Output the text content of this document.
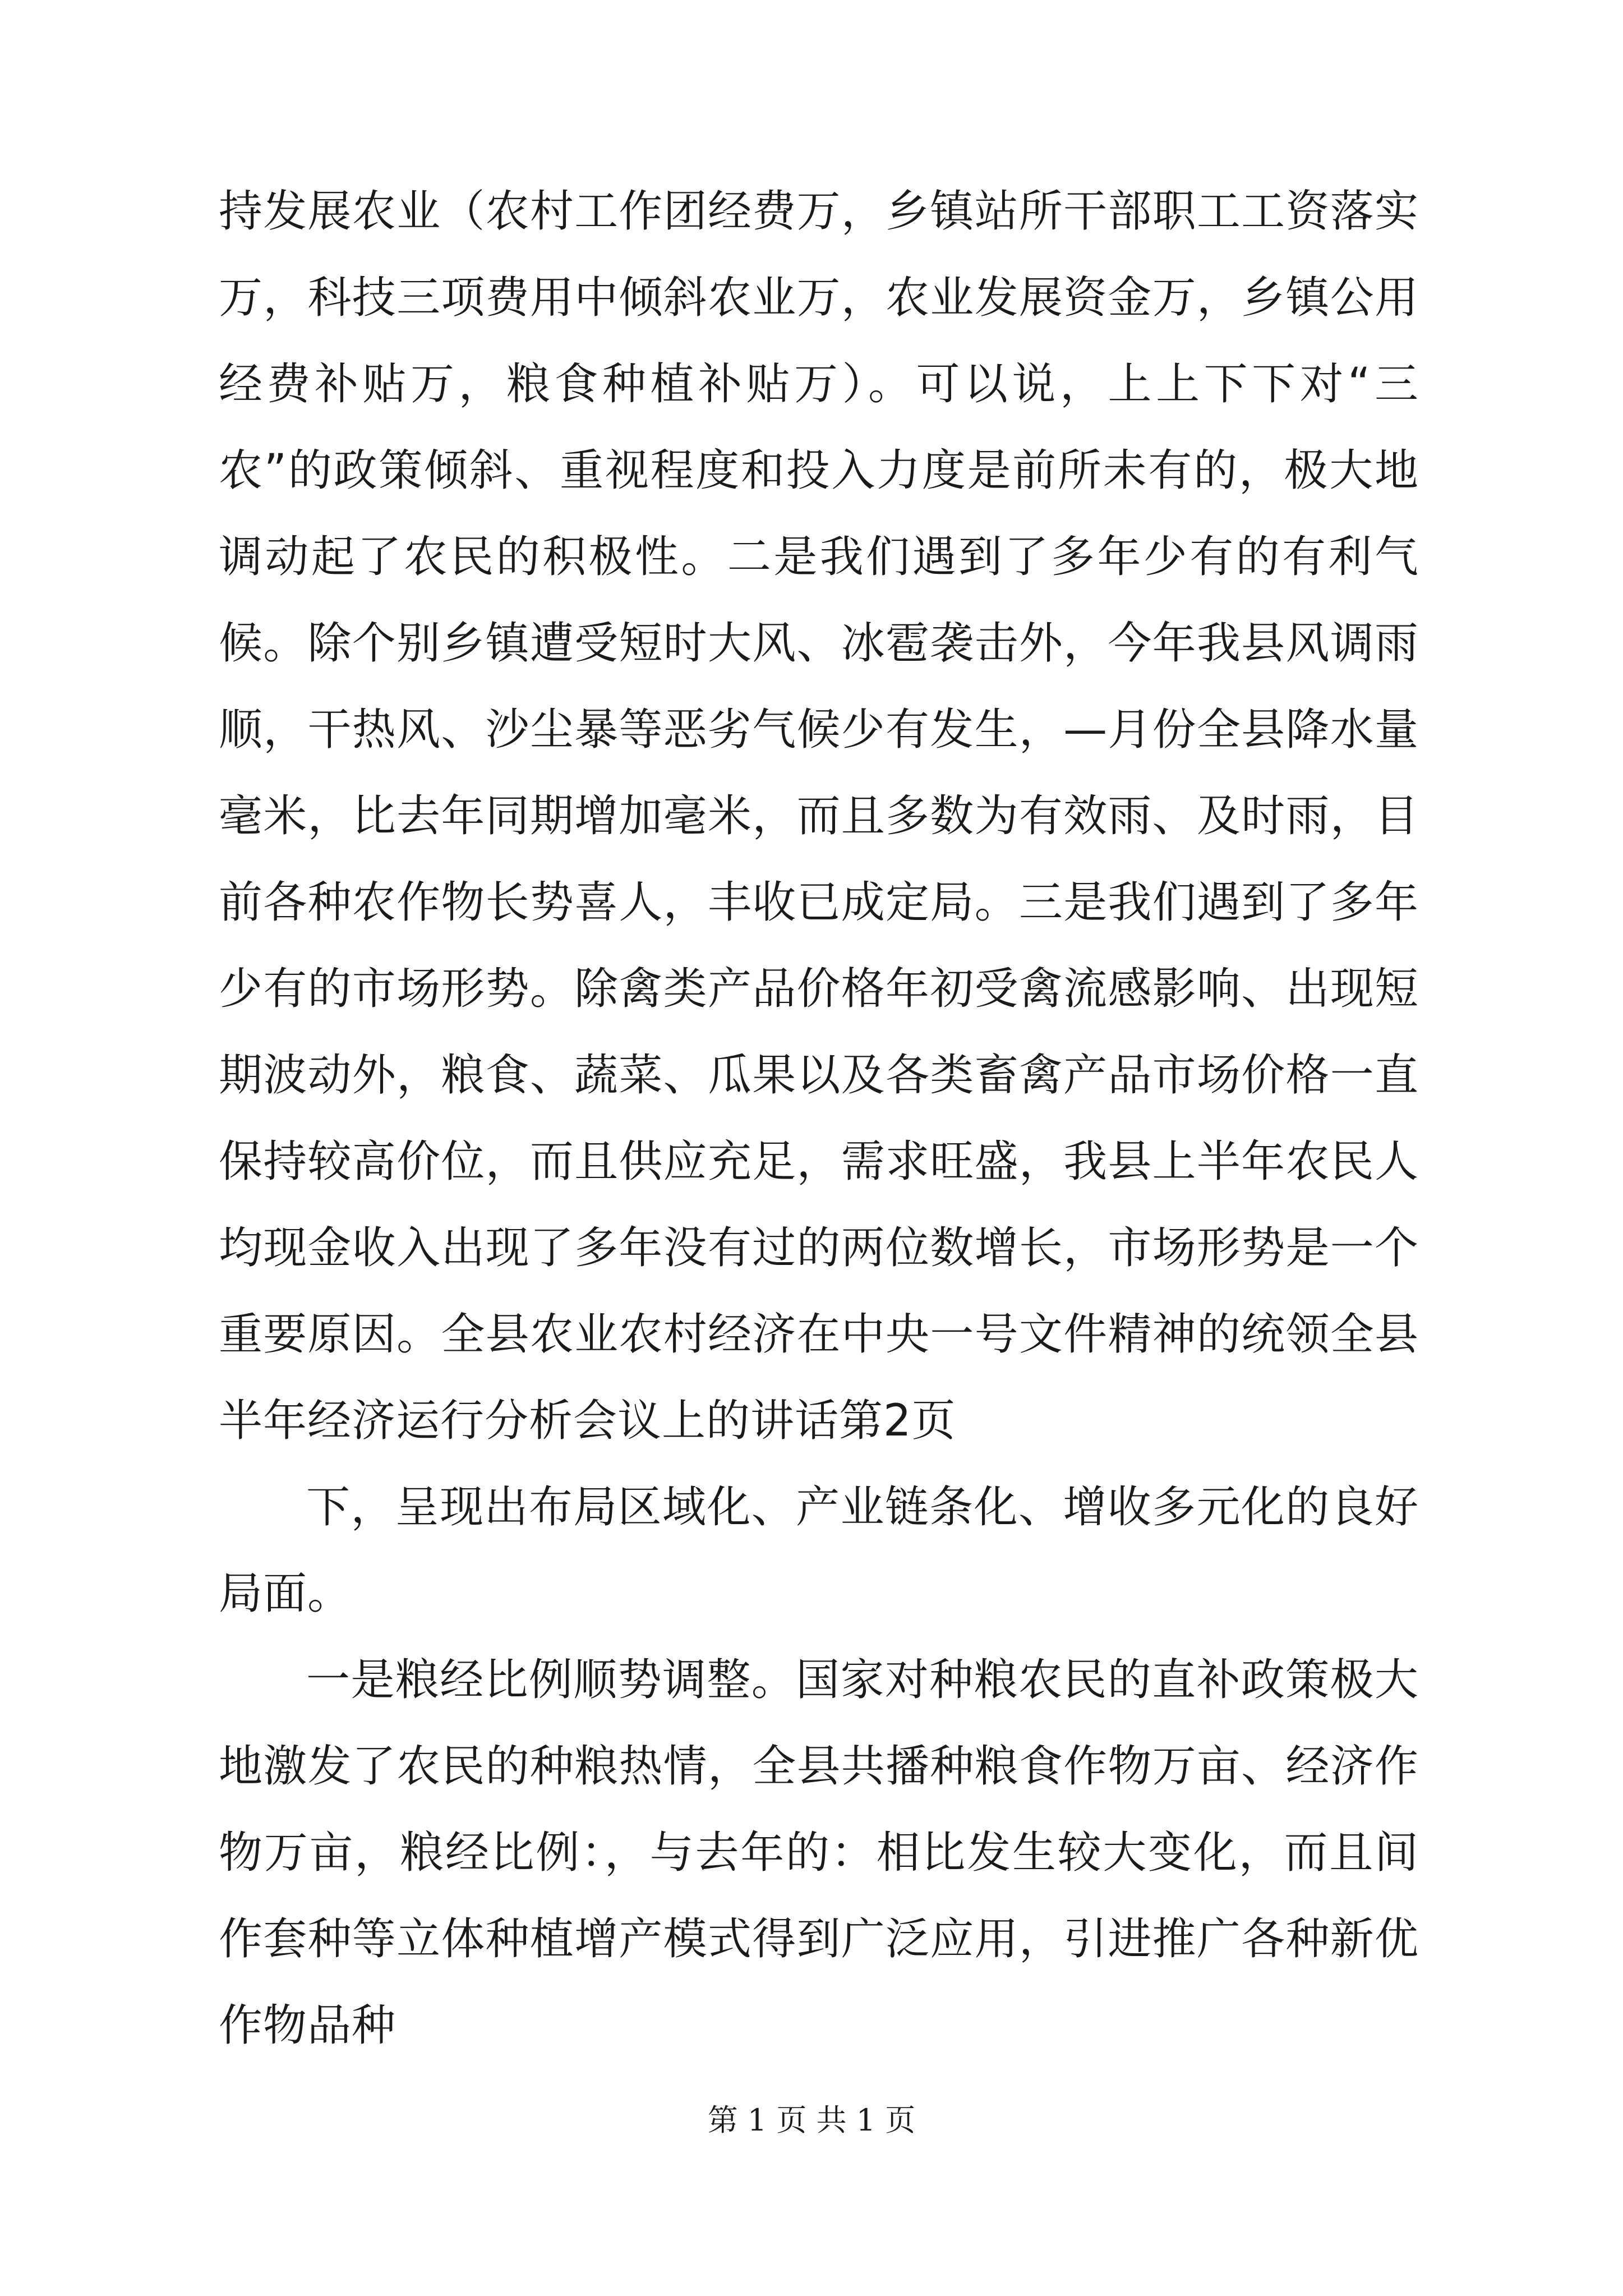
持发展农业（农村工作团经费万，乡镇站所干部职工工资落实万，科技三项费用中倾斜农业万，农业发展资金万，乡镇公用经费补贴万，粮食种植补贴万）。可以说，上上下下对“三农”的政策倾斜、重视程度和投入力度是前所未有的，极大地调动起了农民的积极性。二是我们遇到了多年少有的有利气候。除个别乡镇遭受短时大风、冰雹袭击外，今年我县风调雨顺，干热风、沙尘暴等恶劣气候少有发生，—月份全县降水量毫米，比去年同期增加毫米，而且多数为有效雨、及时雨，目前各种农作物长势喜人，丰收已成定局。三是我们遇到了多年少有的市场形势。除禽类产品价格年初受禽流感影响、出现短期波动外，粮食、蔬菜、瓜果以及各类畜禽产品市场价格一直保持较高价位，而且供应充足，需求旺盛，我县上半年农民人均现金收入出现了多年没有过的两位数增长，市场形势是一个重要原因。全县农业农村经济在中央一号文件精神的统领全县半年经济运行分析会议上的讲话第2页

下，呈现出布局区域化、产业链条化、增收多元化的良好局面。

一是粮经比例顺势调整。国家对种粮农民的直补政策极大地激发了农民的种粮热情，全县共播种粮食作物万亩、经济作物万亩，粮经比例：，与去年的：相比发生较大变化，而且间作套种等立体种植增产模式得到广泛应用，引进推广各种新优作物品种

第 1 页 共 1 页
